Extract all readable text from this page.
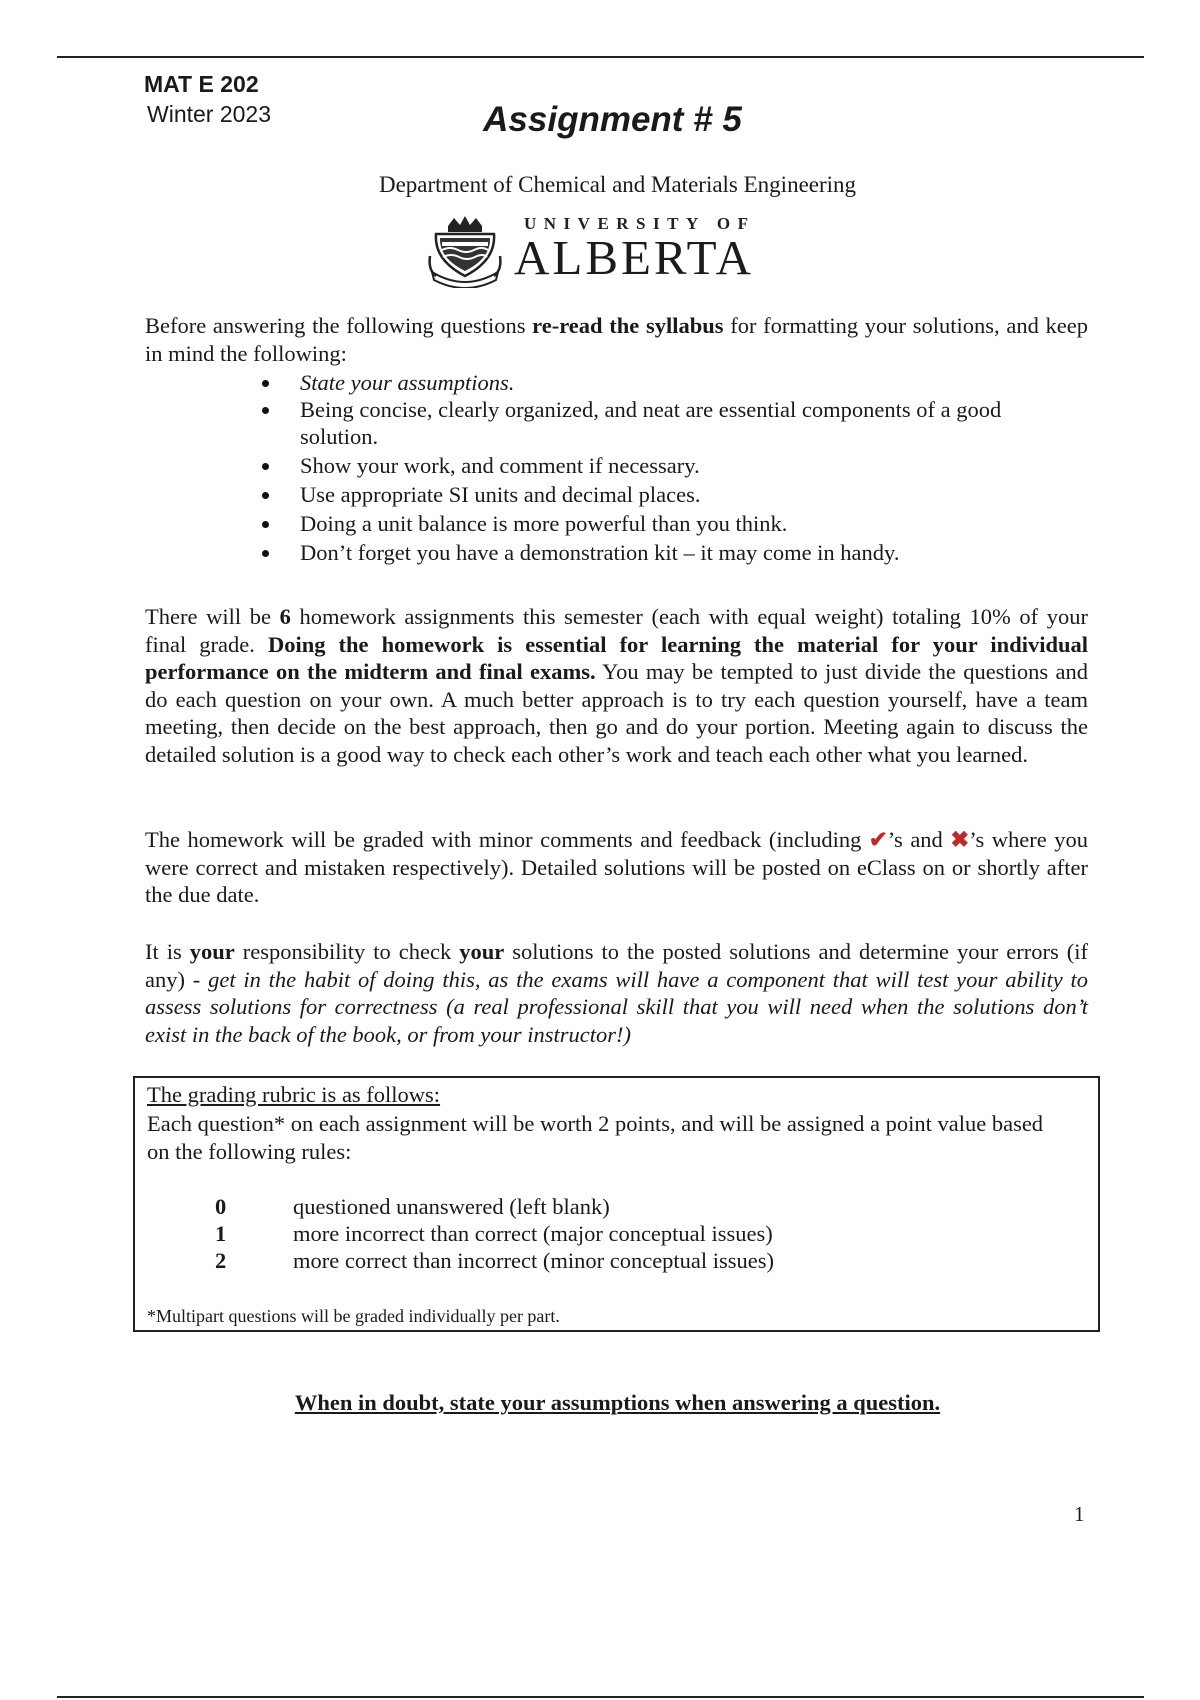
MAT E 202
Winter 2023	Assignment # 5
Department of Chemical and Materials Engineering
UNIVERSITY OF
ALBERTA
Before answering the following questions re-read the syllabus for formatting your solutions, and keep in mind the following:
State your assumptions.
Being concise, clearly organized, and neat are essential components of a good solution.
Show your work, and comment if necessary.
Use appropriate SI units and decimal places.
Doing a unit balance is more powerful than you think.
Don’t forget you have a demonstration kit – it may come in handy.
There will be 6 homework assignments this semester (each with equal weight) totaling 10% of your final grade. Doing the homework is essential for learning the material for your individual performance on the midterm and final exams. You may be tempted to just divide the questions and do each question on your own. A much better approach is to try each question yourself, have a team meeting, then decide on the best approach, then go and do your portion. Meeting again to discuss the detailed solution is a good way to check each other’s work and teach each other what you learned.
The homework will be graded with minor comments and feedback (including ✔’s and ✖’s where you were correct and mistaken respectively). Detailed solutions will be posted on eClass on or shortly after the due date.
It is your responsibility to check your solutions to the posted solutions and determine your errors (if any) - get in the habit of doing this, as the exams will have a component that will test your ability to assess solutions for correctness (a real professional skill that you will need when the solutions don’t exist in the back of the book, or from your instructor!)
The grading rubric is as follows:
Each question* on each assignment will be worth 2 points, and will be assigned a point value based on the following rules:
0	questioned unanswered (left blank)
1	more incorrect than correct (major conceptual issues)
2	more correct than incorrect (minor conceptual issues)
*Multipart questions will be graded individually per part.
When in doubt, state your assumptions when answering a question.
1
